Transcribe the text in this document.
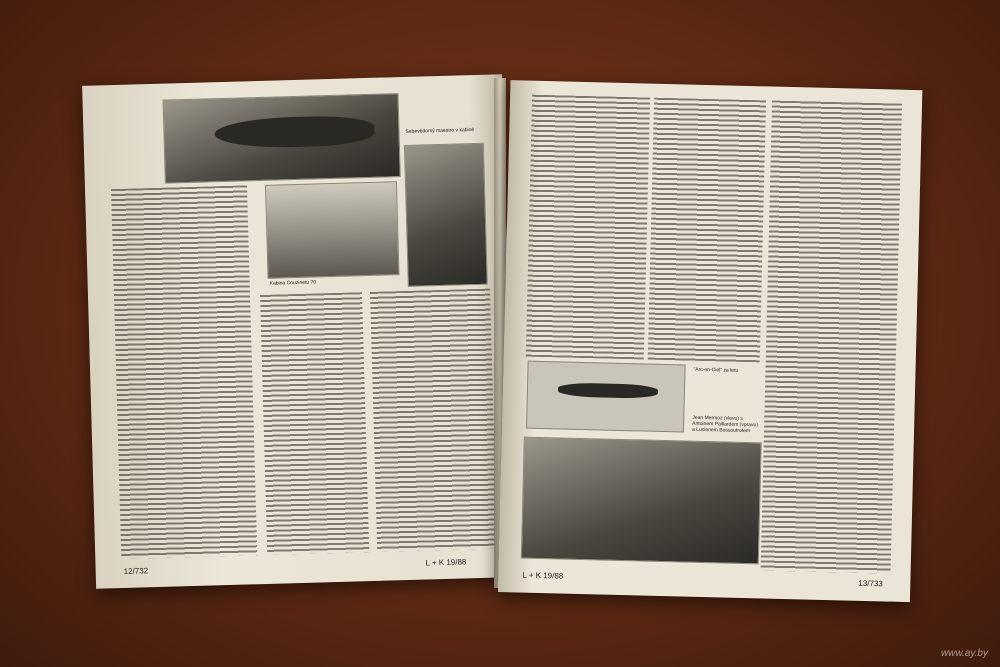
Kabina Couzinetu 70
Sebevědomý maestro v kabině
12/732
L + K 19/88
"Arc-en-Ciel" za letu
Jean Mermoz (vlevo) s Antoinem Paillardem (vpravo) a Lucienem Bossoutrotem
L + K 19/88
13/733
www.ay.by
